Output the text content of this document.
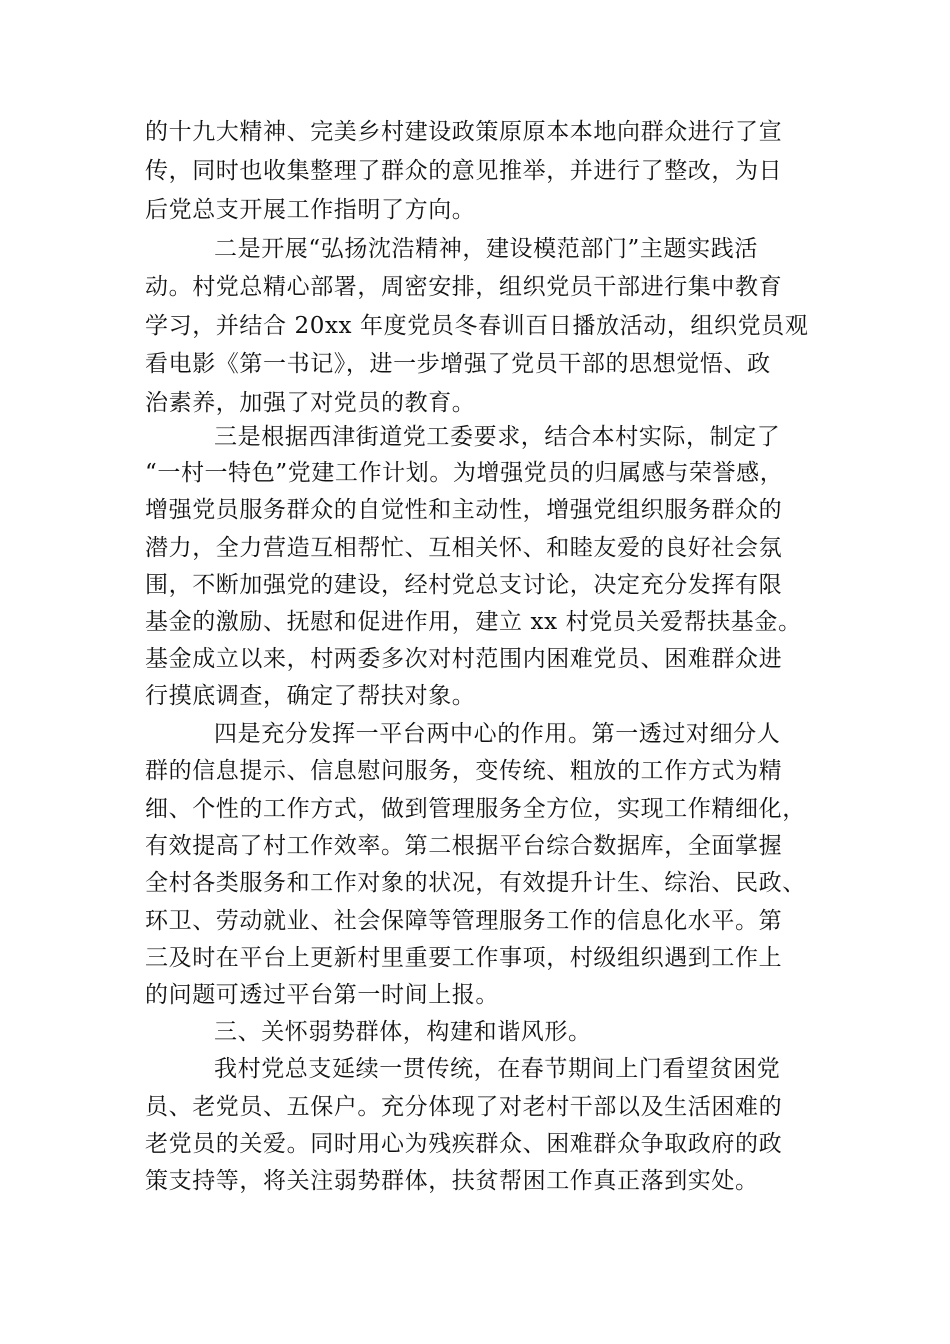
的十九大精神、完美乡村建设政策原原本本地向群众进行了宣
传，同时也收集整理了群众的意见推举，并进行了整改，为日
后党总支开展工作指明了方向。
二是开展“弘扬沈浩精神，建设模范部门”主题实践活
动。村党总精心部署，周密安排，组织党员干部进行集中教育
学习，并结合 20xx 年度党员冬春训百日播放活动，组织党员观
看电影《第一书记》，进一步增强了党员干部的思想觉悟、政
治素养，加强了对党员的教育。
三是根据西津街道党工委要求，结合本村实际，制定了
“一村一特色”党建工作计划。为增强党员的归属感与荣誉感，
增强党员服务群众的自觉性和主动性，增强党组织服务群众的
潜力，全力营造互相帮忙、互相关怀、和睦友爱的良好社会氛
围，不断加强党的建设，经村党总支讨论，决定充分发挥有限
基金的激励、抚慰和促进作用，建立 xx 村党员关爱帮扶基金。
基金成立以来，村两委多次对村范围内困难党员、困难群众进
行摸底调查，确定了帮扶对象。
四是充分发挥一平台两中心的作用。第一透过对细分人
群的信息提示、信息慰问服务，变传统、粗放的工作方式为精
细、个性的工作方式，做到管理服务全方位，实现工作精细化，
有效提高了村工作效率。第二根据平台综合数据库，全面掌握
全村各类服务和工作对象的状况，有效提升计生、综治、民政、
环卫、劳动就业、社会保障等管理服务工作的信息化水平。第
三及时在平台上更新村里重要工作事项，村级组织遇到工作上
的问题可透过平台第一时间上报。
三、关怀弱势群体，构建和谐风形。
我村党总支延续一贯传统，在春节期间上门看望贫困党
员、老党员、五保户。充分体现了对老村干部以及生活困难的
老党员的关爱。同时用心为残疾群众、困难群众争取政府的政
策支持等，将关注弱势群体，扶贫帮困工作真正落到实处。
